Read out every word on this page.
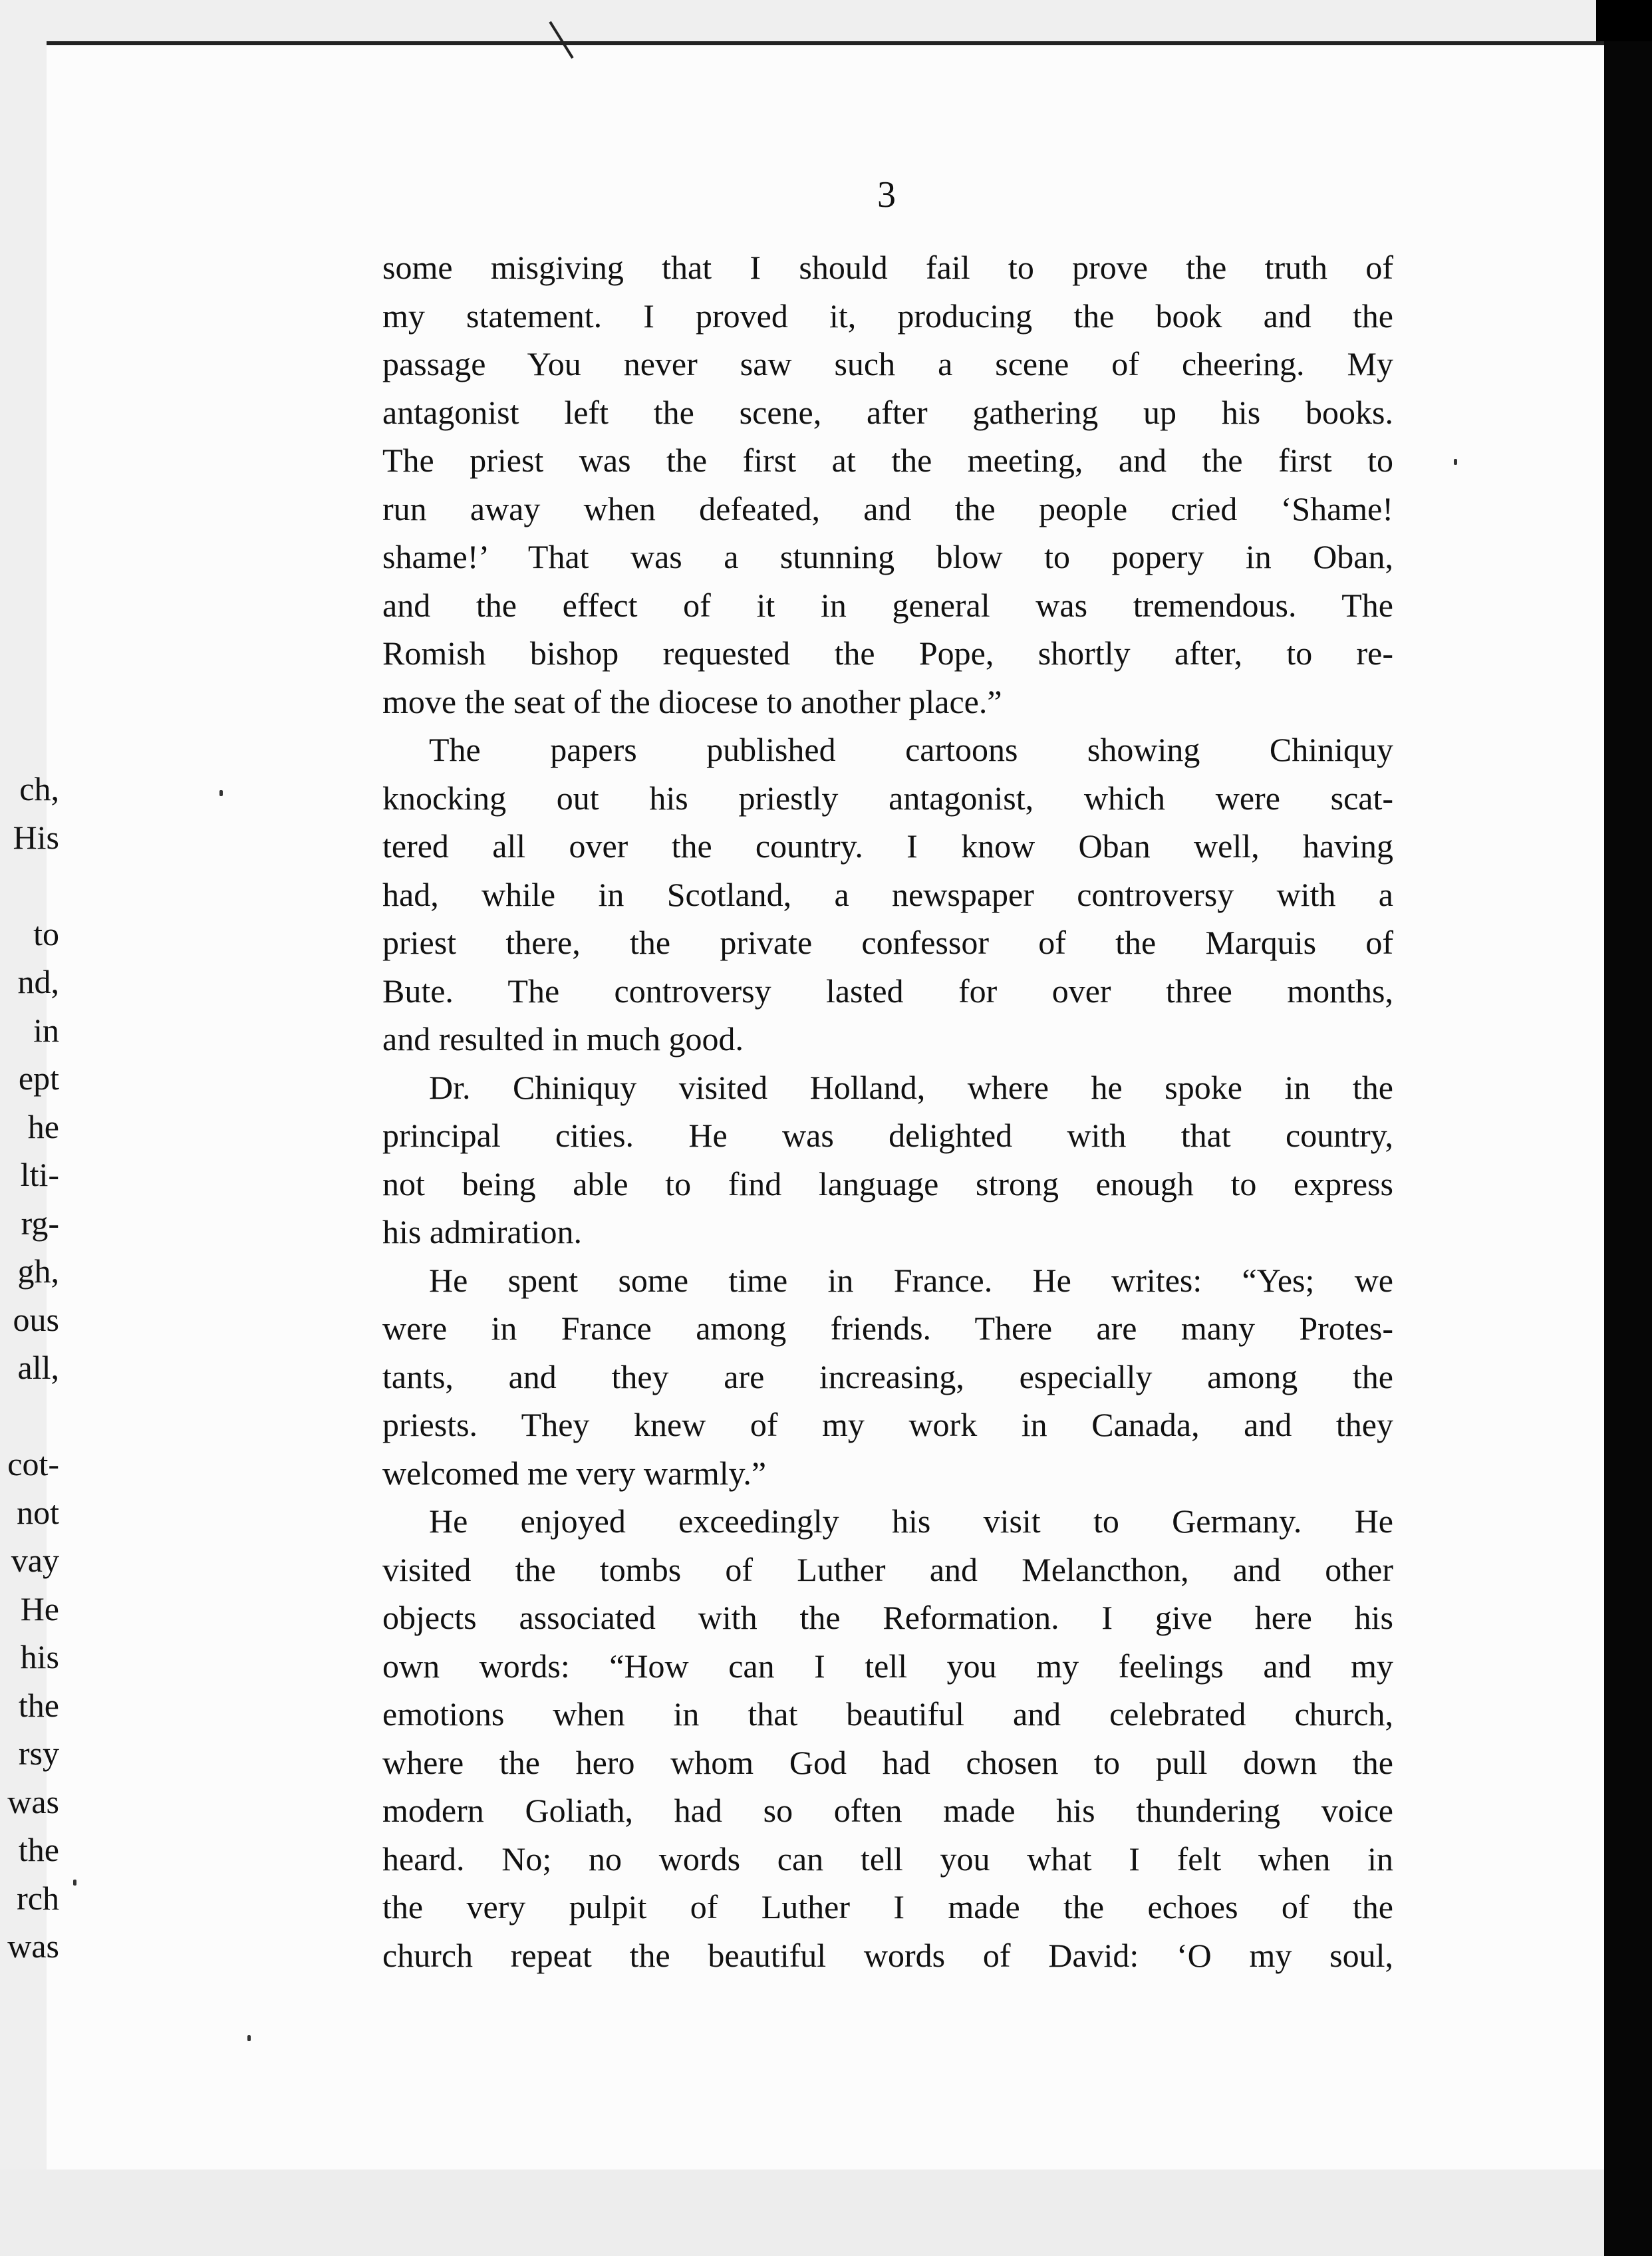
3
some misgiving that I should fail to prove the truth of
my statement. I proved it, producing the book and the
passage You never saw such a scene of cheering. My
antagonist left the scene, after gathering up his books.
The priest was the first at the meeting, and the first to
run away when defeated, and the people cried ‘Shame!
shame!’ That was a stunning blow to popery in Oban,
and the effect of it in general was tremendous. The
Romish bishop requested the Pope, shortly after, to re-
move the seat of the diocese to another place.”
The papers published cartoons showing Chiniquy
knocking out his priestly antagonist, which were scat-
tered all over the country. I know Oban well, having
had, while in Scotland, a newspaper controversy with a
priest there, the private confessor of the Marquis of
Bute. The controversy lasted for over three months,
and resulted in much good.
Dr. Chiniquy visited Holland, where he spoke in the
principal cities. He was delighted with that country,
not being able to find language strong enough to express
his admiration.
He spent some time in France. He writes: “Yes; we
were in France among friends. There are many Protes-
tants, and they are increasing, especially among the
priests. They knew of my work in Canada, and they
welcomed me very warmly.”
He enjoyed exceedingly his visit to Germany. He
visited the tombs of Luther and Melancthon, and other
objects associated with the Reformation. I give here his
own words: “How can I tell you my feelings and my
emotions when in that beautiful and celebrated church,
where the hero whom God had chosen to pull down the
modern Goliath, had so often made his thundering voice
heard. No; no words can tell you what I felt when in
the very pulpit of Luther I made the echoes of the
church repeat the beautiful words of David: ‘O my soul,
ch,
His
to
nd,
in
ept
he
lti-
rg-
gh,
ous
all,
cot-
not
vay
He
his
the
rsy
was
the
rch
was
